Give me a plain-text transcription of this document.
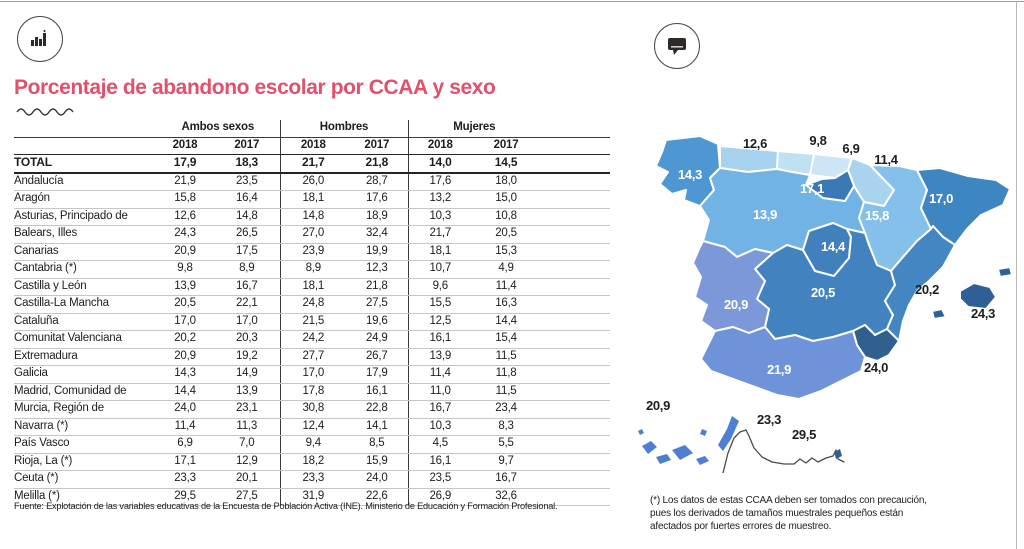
Porcentaje de abandono escolar por CCAA y sexo
	Ambos sexos		Hombres		Mujeres		
	2018	2017	2018	2017	2018	2017	
TOTAL	17,9	18,3	21,7	21,8	14,0	14,5	
Andalucía	21,9	23,5	26,0	28,7	17,6	18,0	
Aragón	15,8	16,4	18,1	17,6	13,2	15,0	
Asturias, Principado de	12,6	14,8	14,8	18,9	10,3	10,8	
Balears, Illes	24,3	26,5	27,0	32,4	21,7	20,5	
Canarias	20,9	17,5	23,9	19,9	18,1	15,3	
Cantabria (*)	9,8	8,9	8,9	12,3	10,7	4,9	
Castilla y León	13,9	16,7	18,1	21,8	9,6	11,4	
Castilla-La Mancha	20,5	22,1	24,8	27,5	15,5	16,3	
Cataluña	17,0	17,0	21,5	19,6	12,5	14,4	
Comunitat Valenciana	20,2	20,3	24,2	24,9	16,1	15,4	
Extremadura	20,9	19,2	27,7	26,7	13,9	11,5	
Galicia	14,3	14,9	17,0	17,9	11,4	11,8	
Madrid, Comunidad de	14,4	13,9	17,8	16,1	11,0	11,5	
Murcia, Región de	24,0	23,1	30,8	22,8	16,7	23,4	
Navarra (*)	11,4	11,3	12,4	14,1	10,3	8,3	
País Vasco	6,9	7,0	9,4	8,5	4,5	5,5	
Rioja, La (*)	17,1	12,9	18,2	15,9	16,1	9,7	
Ceuta (*)	23,3	20,1	23,3	24,0	23,5	16,7	
Melilla (*)	29,5	27,5	31,9	22,6	26,9	32,6	

Fuente: Explotación de las variables educativas de la Encuesta de Población Activa (INE). Ministerio de Educación y Formación Profesional.

14,3
12,6	9,8
6,9
11,4
17,1
15,8
17,0
13,9
14,4
20,5	20,2
24,0
20,9
21,9
24,3
20,9
23,3
29,5

(*) Los datos de estas CCAA deben ser tomados con precaución, pues los derivados de tamaños muestrales pequeños están afectados por fuertes errores de muestreo.
